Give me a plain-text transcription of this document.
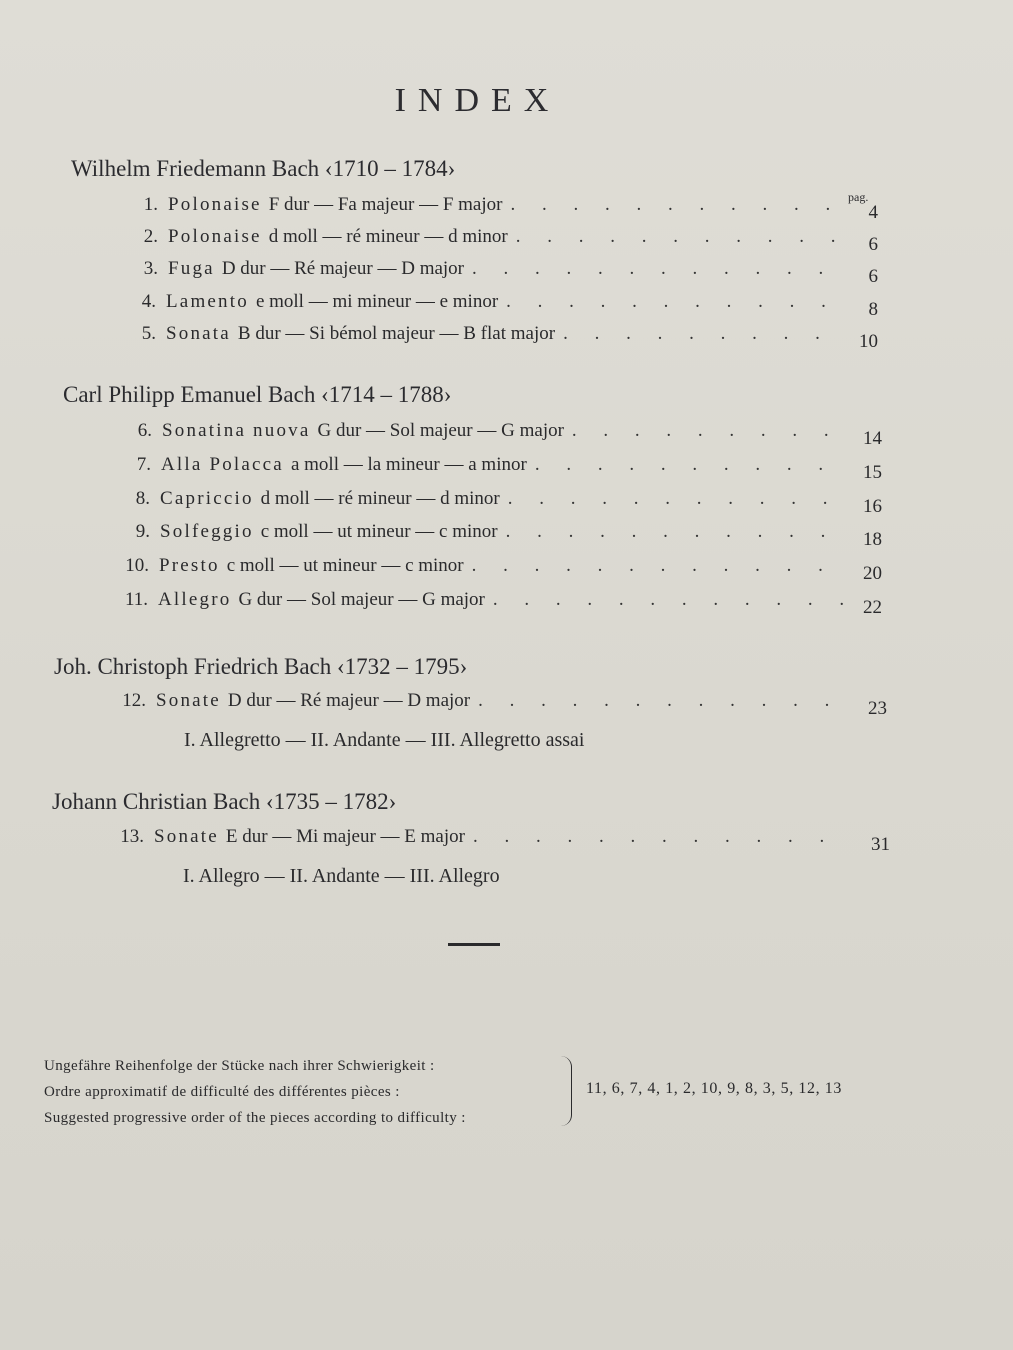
INDEX
Wilhelm Friedemann Bach ‹1710 – 1784›
pag.
1. Polonaise F dur — Fa majeur — F major . . .	4
2. Polonaise d moll — ré mineur — d minor . . .	6
3. Fuga D dur — Ré majeur — D major . . .	6
4. Lamento e moll — mi mineur — e minor . . .	8
5. Sonata B dur — Si bémol majeur — B flat major . . .	10
Carl Philipp Emanuel Bach ‹1714 – 1788›
6. Sonatina nuova G dur — Sol majeur — G major . . .	14
7. Alla Polacca a moll — la mineur — a minor . . .	15
8. Capriccio d moll — ré mineur — d minor . . .	16
9. Solfeggio c moll — ut mineur — c minor . . .	18
10. Presto c moll — ut mineur — c minor . . .	20
11. Allegro G dur — Sol majeur — G major . . .	22
Joh. Christoph Friedrich Bach ‹1732 – 1795›
12. Sonate D dur — Ré majeur — D major . . .	23
I. Allegretto — II. Andante — III. Allegretto assai
Johann Christian Bach ‹1735 – 1782›
13. Sonate E dur — Mi majeur — E major . . .	31
I. Allegro — II. Andante — III. Allegro
Ungefähre Reihenfolge der Stücke nach ihrer Schwierigkeit :
Ordre approximatif de difficulté des différentes pièces :
Suggested progressive order of the pieces according to difficulty :
11, 6, 7, 4, 1, 2, 10, 9, 8, 3, 5, 12, 13
